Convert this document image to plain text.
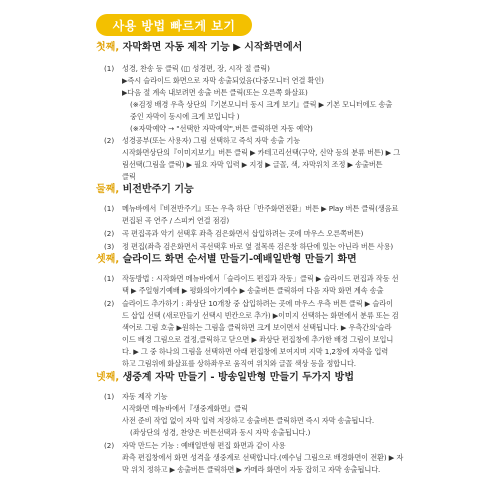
사용 방법 빠르게 보기
첫째, 자막화면 자동 제작 기능 ▶ 시작화면에서
(1) 성경, 찬송 등 클릭 (◫ 성경편, 장, 시작 절 클릭)
▶즉시 슬라이드 화면으로 자막 송출되었음(다중모니터 연결 확인)
▶다음 절 계속 내보려면 송출 버튼 클릭(또는 오른쪽 화살표)
(※검정 배경 우측 상단의『기본모니터 동시 크게 보기』클릭 ▶ 기본 모니터에도 송출
중인 자막이 동시에 크게 보입니다 )
(※자막예약 → "선택한 자막예약",버튼 클릭하면 자동 예약)
(2) 성경공부(또는 사용자) 그림 선택하고 즉석 자막 송출 기능
시작화면상단의『이미지보기』버튼 클릭 ▶ 카테고리선택(구약, 신약 등의 분류 버튼) ▶ 그
림선택(그림을 클릭) ▶ 필요 자막 입력 ▶ 지정 ▶ 글꼴, 색, 자막위치 조정 ▶ 송출버튼
클릭
둘째, 비전반주기 기능
(1) 메뉴바에서『비전반주기』또는 우측 하단「반주화면전환」버튼 ▶ Play 버튼 클릭(생음료
편집된 곡 연주 / 스피커 연결 점검)
(2) 곡 편집곡과 악기 선택후 좌측 검은화면서 삽입하려는 곳에 마우스 오른쪽버튼)
(3) 정 편집(좌측 검은화면서 곡선택후 바로 옆 절목록 검은창 하단에 있는 아닌라 버튼 사용)
셋째, 슬라이드 화면 순서별 만들기-예배일반형 만들기 화면
(1) 작동방법 : 시작화면 메뉴바에서「슬라이드 편집과 작동」클릭 ▶ 슬라이드 편집과 작동 선
택 ▶ 주일형기예배 ▶ 평화의아기예수 ▶ 송출버튼 클릭하여 다음 자막 화면 계속 송출
(2) 슬라이드 추가하기 : 좌상단 10개창 중 삽입하려는 곳에 마우스 우측 버튼 클릭 ▶ 슬라이
드 삽입 선택 (새로만들기 선택시 빈칸으로 추가) ▶이미지 선택하는 화면에서 분류 또는 검
색어로 그림 호출 ▶원하는 그림을 클릭하면 크게 보이면서 선택됩니다. ▶ 우측간의'슬라
이드 배경 그림으로 결정,클릭하고 닫으면 ▶ 좌상단 편집창에 추가한 배경 그림이 보입니
다. ▶ 그 중 하나의 그림을 선택하면 아래 편집창에 보여지며 지막 1,2창에 자막을 입력
하고 그림위에 화살표를 상하좌우로 움직여 위치와 글꼴 색상 등을 정합니다.
넷째, 생중계 자막 만들기 - 방송일반형 만들기 두가지 방법
(1) 자동 제작 기능
시작화면 메뉴바에서『생중계화면』클릭
사전 준비 작업 없이 자막 입력 저장하고 송출버튼 클릭하면 즉시 자막 송출됩니다.
(좌상단의 성경, 찬양은 버튼선택과 동시 자막 송출됩니다.)
(2) 자막 만드는 기능 : 예배일반형 편집 화면과 같이 사용
좌측 편집창에서 화면 성격을 생중계로 선택합니다.(예수님 그림으로 배경화면이 전환) ▶ 자
막 위치 정하고 ▶ 송출버튼 클릭하면 ▶ 카메라 화면이 자동 잡히고 자막 송출됩니다.
